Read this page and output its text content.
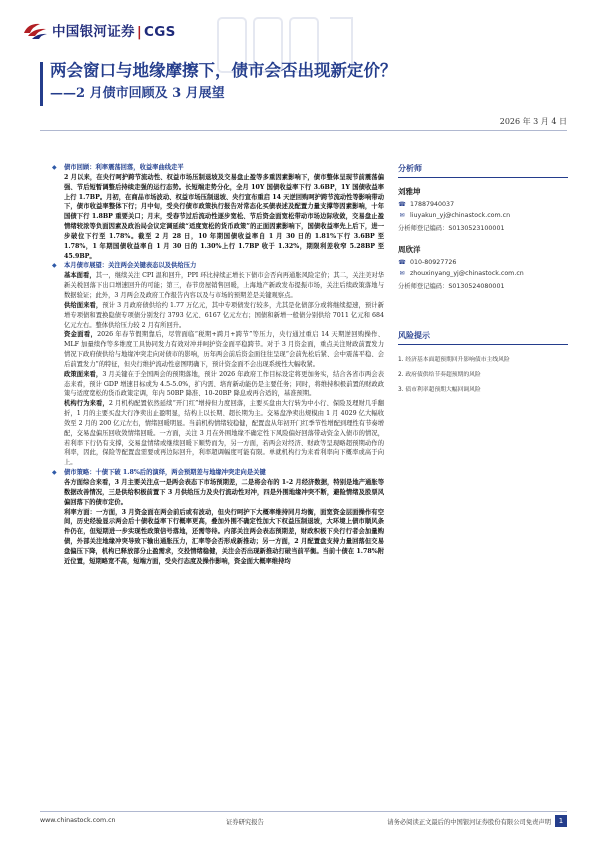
中国银河证券 | CGS
两会窗口与地缘摩擦下，债市会否出现新定价？
——2 月债市回顾及 3 月展望
2026 年 3 月 4 日

◆ 债市回顾：利率震荡回落，收益率曲线走平

2 月以来，在央行呵护跨节流动性、权益市场压制退坡及交易盘止盈等多重因素影响下，债市整体呈现节前震荡偏强、节后短暂调整后持续走强的运行态势。长短端走势分化，全月 10Y 国债收益率下行 3.6BP，1Y 国债收益率上行 1.7BP。月初，在商品市场波动、权益市场压制退坡、央行宣布重启 14 天逆回购呵护跨节流动性等影响带动下，债市收益率整体下行；月中旬，受央行债市政策执行报告对常态化买债表述及配置力量支撑等因素影响，十年国债下行 1.8BP 重要关口；月末，受春节过后流动性逐步宽松、节后资金面宽松带动市场边际收敛，交易盘止盈情绪较浓等负面因素及政治局会议定调延续“适度宽松的货币政策”的正面因素影响下，国债收益率先上后下，进一步破位下行至 1.78%。截至 2 月 28 日，10 年期国债收益率自 1 月 30 日的 1.81%下行 3.6BP 至 1.78%，1 年期国债收益率自 1 月 30 日的 1.30%上行 1.7BP 收于 1.32%，期限利差收窄 5.28BP 至 45.9BP。

◆ 本月债市展望：关注两会关键表态以及供给压力

基本面看，其一，继续关注 CPI 温和回升，PPI 环比持续正增长下债市会否向再通胀风险定价；其二，关注美对华新关税回落下出口增速回升的可能；第三，春节房屋销售回暖，上海地产新政发布提振市场，关注后续政策落地与数据验证；此外，3 月两会及政府工作报告内容以及与市场的预期差是关键观察点。

供给面来看，预计 3 月政府债供给约 1.77 万亿元，其中专项债发行较多，尤其是化债部分或将继续提速，预计新增专项债和置换隐债专项债分别发行 3793 亿元、6167 亿元左右；国债和新增一般债分别供给 7011 亿元和 684 亿元左右。整体供给压力较 2 月有所回升。

资金面看，2026 年春节假期靠后，尽管面临“税期+跨月+跨节”等压力，央行通过重启 14 天期逆回购操作、MLF 加量续作等多维度工具协同发力有效对冲并呵护资金面平稳跨节。对于 3 月资金面，重点关注财政前置发力情况下政府债供给与地缘冲突走向对债市的影响，历年两会前后资金面往往呈现“会前先松后紧、会中震荡平稳、会后前置发力”的特征，但央行维护流动性意图明确下，预计资金面不会出现系统性大幅收紧。

政策面来看，3 月关键在于全国两会的预期落地，预计 2026 年政府工作目标设定将更加务实，结合各省市两会表态来看，预计 GDP 增速目标或为 4.5-5.0%，扩内需、培育新动能仍是主要任务；同时，将维持积极前置的财政政策与适度宽松的货币政策定调，年内 50BP 降准、10-20BP 降息或再合适的，基准预期。

机构行为来看，2 月机构配置依然延续“开门红”增持但力度回落，主要买盘由大行转为中小行、保险及理财几乎翻折，1 月的主要买盘大行净卖出止盈明显，结构上以长期、超长期为主。交易盘净卖出规模由 1 月 4029 亿大幅收敛至 2 月的 200 亿元左右，情绪回暖明显。当前机构情绪较稳健，配置盘从年初开门红季节性增配到理性有节奏增配，交易盘偏压回收敛情绪回暖。一方面，关注 3 月在外围地缘不确定性下风险偏好回落带动资金入债市的情况，若利率下行仍有支撑，交易盘情绪或继续回暖下顺势而为，另一方面，若两会对经济、财政等呈现略超预期动作的利率，因此，保险等配置盘需要或再边际回升，利率超调幅度可能有限。单就机构行为来看利率向下概率或高于向上。

◆ 债市策略：十债下破 1.8%后的演绎，两会预期差与地缘冲突走向是关键

各方面综合来看，3 月主要关注点一是两会表态下市场预期差，二是将会布的 1-2 月经济数据，特别是地产通胀等数据改善情况，三是供给积极前置下 3 月供给压力及央行流动性对冲，四是外围地缘冲突不断，避险情绪及股票风偏回落下的债市定价。

利率方面：一方面，3 月资金面在两会前后或有波动，但央行呵护下大概率维持同月均衡，面宽资金层面操作有空间，历史经验显示两会后十债收益率下行概率更高，叠加外围不确定性加大下权益压制退坡，大环境上债市顺风条件仍在，但短期进一步实现性政策信号落地，还需等待。内部关注两会表态预期差，财政积极下央行行者会加量购债，外部关注地缘冲突导致下输出通胀压力，汇率等会否形成新推动；另一方面，2 月配置盘支持力量回落但交易盘偏压下降，机构已释放部分止盈需求，交投情绪稳健，关注会否出现新推动打破当前平衡。当前十债在 1.78%附近位置，短期略宽不高，短端方面，受央行态度及操作影响，资金面大概率维持均

分析师
刘雅坤
☎ 17887940037
✉ liuyakun_yj@chinastock.com.cn
分析师登记编码：S0130523100001
周欣洋
☎ 010-80927726
✉ zhouxinyang_yj@chinastock.com.cn
分析师登记编码：S0130524080001
风险提示
1. 经济基本面超预期回升影响债市主线风险
2. 政府债供给节奏超预期的风险
3. 债市利率超预期大幅回调风险
www.chinastock.com.cn	证券研究报告	请务必阅读正文最后的中国银河证券股份有限公司免责声明	1
